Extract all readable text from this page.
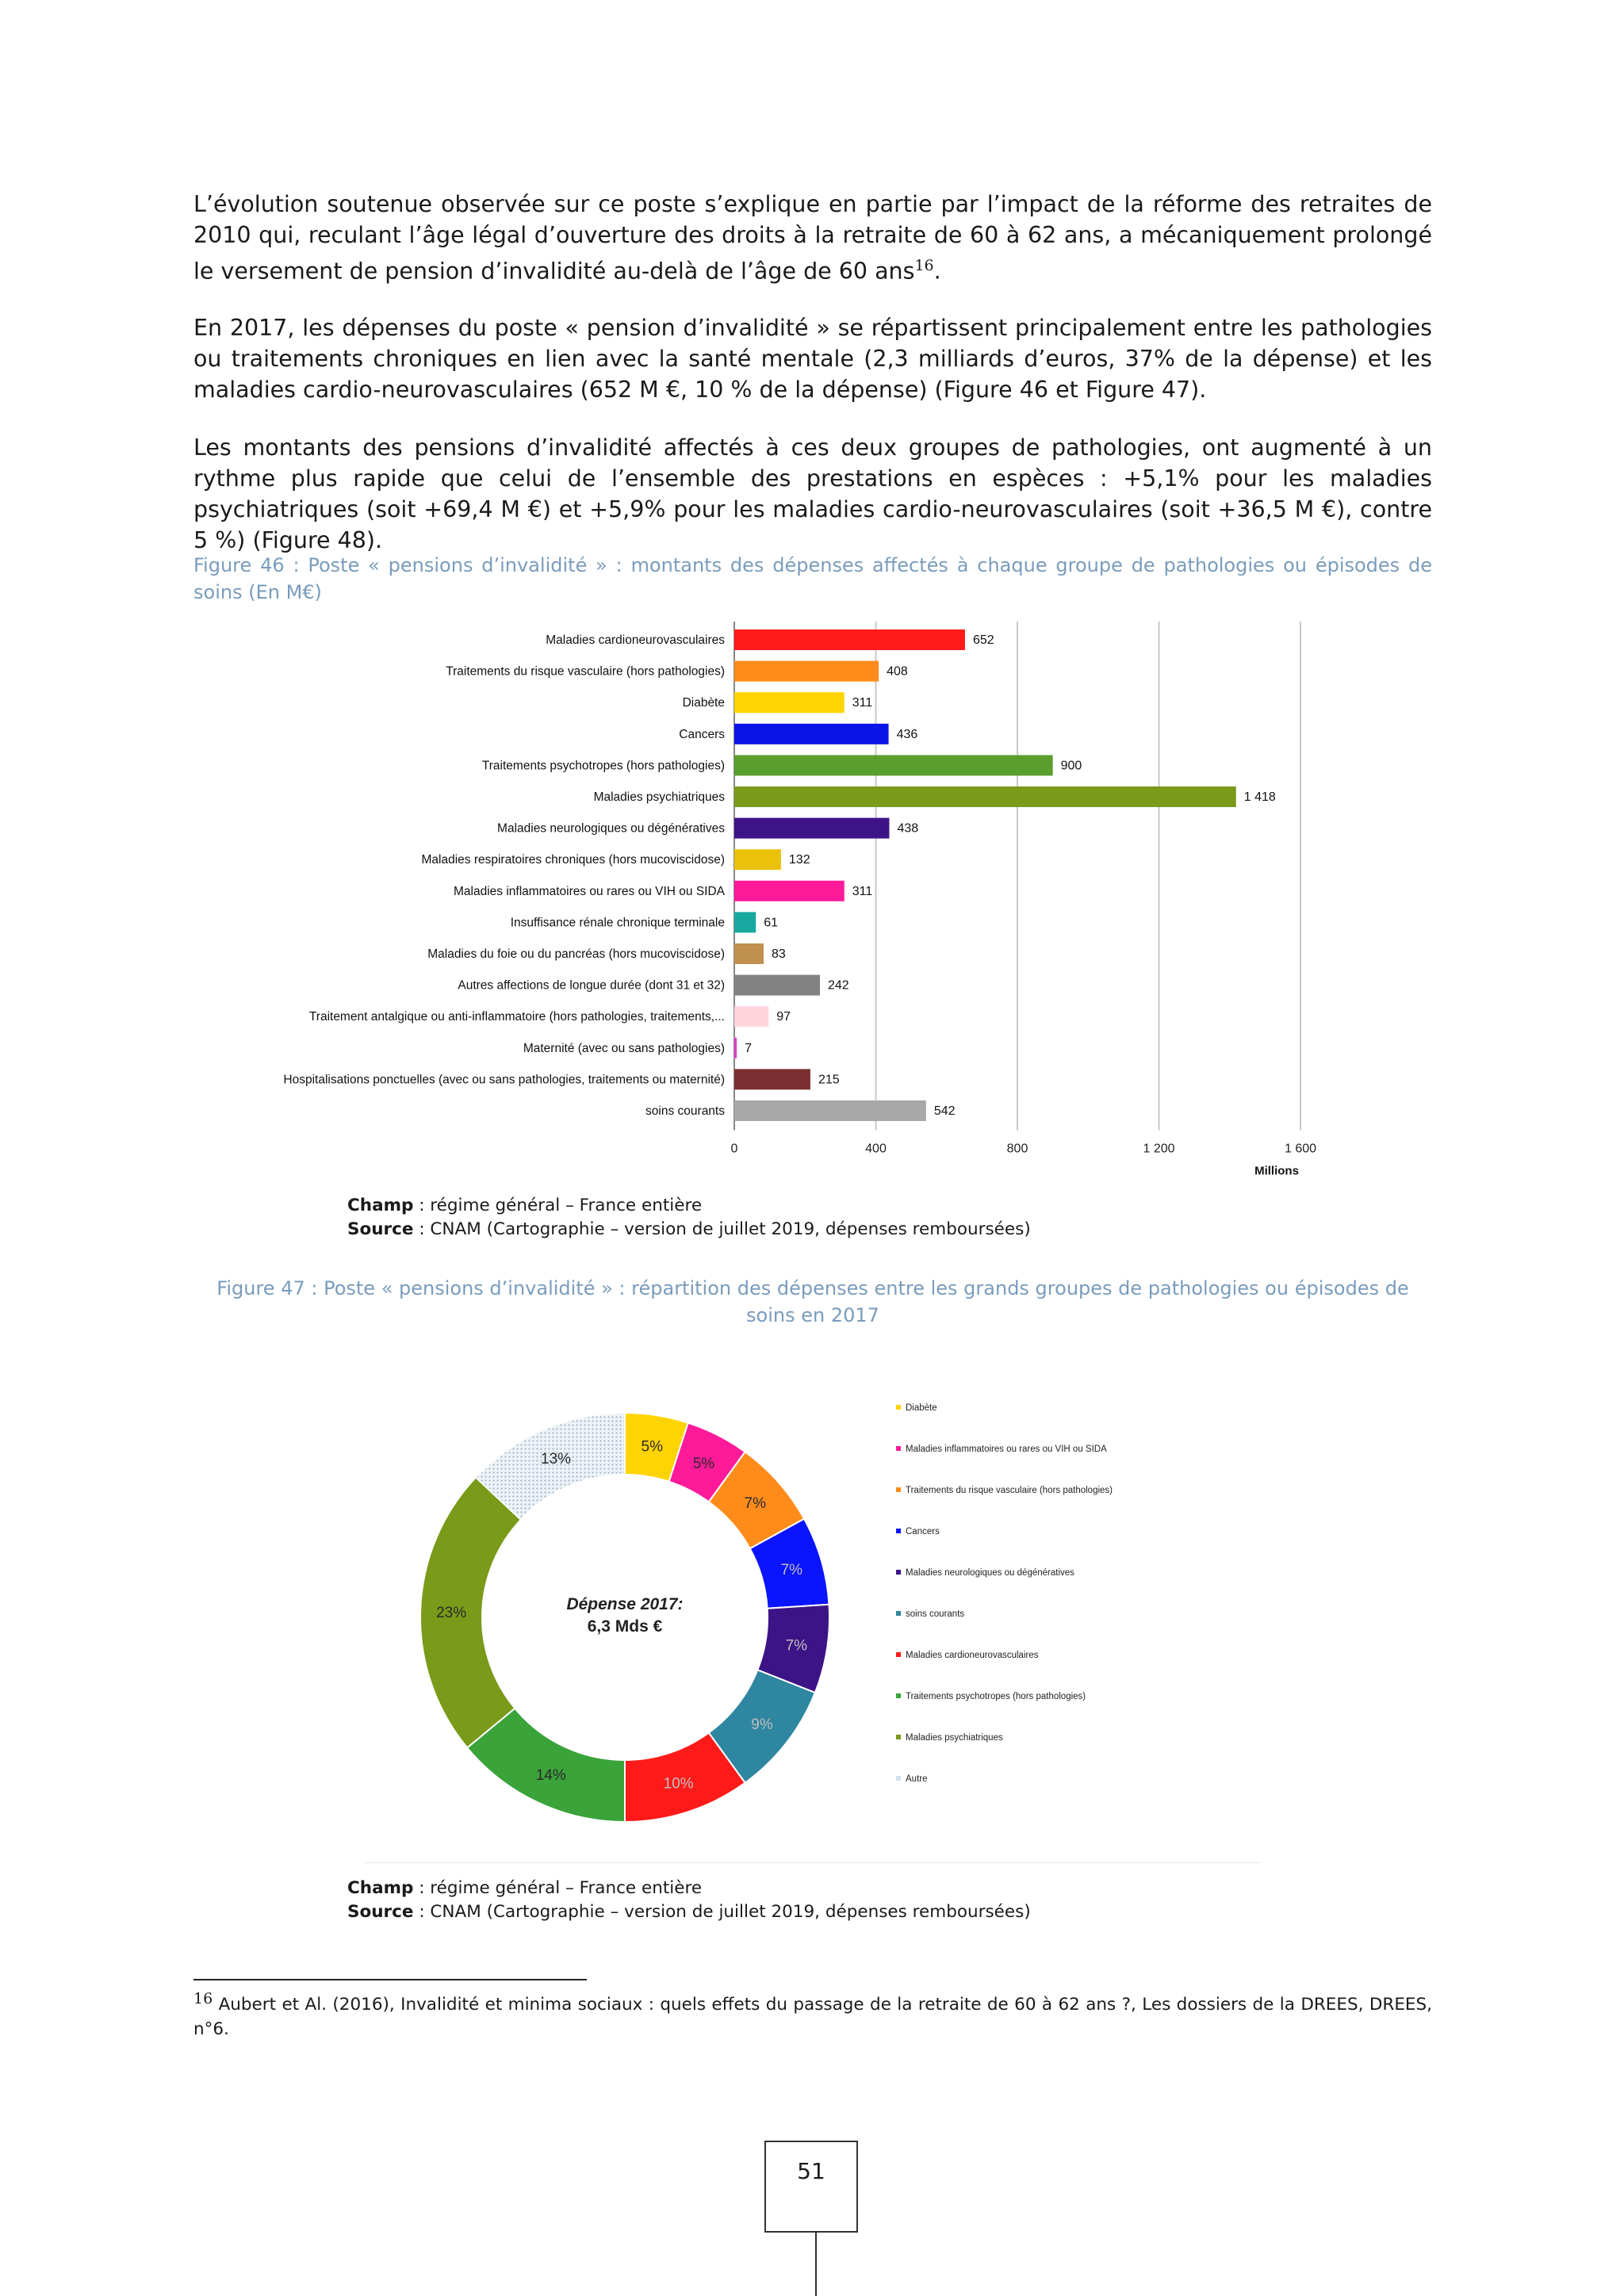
L’évolution soutenue observée sur ce poste s’explique en partie par l’impact de la réforme des retraites de 2010 qui, reculant l’âge légal d’ouverture des droits à la retraite de 60 à 62 ans, a mécaniquement prolongé le versement de pension d’invalidité au-delà de l’âge de 60 ans$^{16}$.

En 2017, les dépenses du poste « pension d’invalidité » se répartissent principalement entre les pathologies ou traitements chroniques en lien avec la santé mentale (2,3 milliards d’euros, 37% de la dépense) et les maladies cardio-neurovasculaires (652 M €, 10 % de la dépense) (Figure 46 et Figure 47).

Les montants des pensions d’invalidité affectés à ces deux groupes de pathologies, ont augmenté à un rythme plus rapide que celui de l’ensemble des prestations en espèces : +5,1% pour les maladies psychiatriques (soit +69,4 M €) et +5,9% pour les maladies cardio-neurovasculaires (soit +36,5 M €), contre 5 %) (Figure 48).

Figure 46 : Poste « pensions d’invalidité » : montants des dépenses affectés à chaque groupe de pathologies ou épisodes de soins (En M€)

0	400	800	1 200	1 600
Maladies cardioneurovasculaires	652
Traitements du risque vasculaire (hors pathologies)	408
Diabète	311
Cancers	436
Traitements psychotropes (hors pathologies)	900
Maladies psychiatriques	1 418
Maladies neurologiques ou dégénératives	438
Maladies respiratoires chroniques (hors mucoviscidose)	132
Maladies inflammatoires ou rares ou VIH ou SIDA	311
Insuffisance rénale chronique terminale	61
Maladies du foie ou du pancréas (hors mucoviscidose)	83
Autres affections de longue durée (dont 31 et 32)	242
Traitement antalgique ou anti-inflammatoire (hors pathologies, traitements,...	97
Maternité (avec ou sans pathologies) 7
Hospitalisations ponctuelles (avec ou sans pathologies, traitements ou maternité)	215
soins courants	542
Millions

Champ : régime général – France entière

Source : CNAM (Cartographie – version de juillet 2019, dépenses remboursées)

Figure 47 : Poste « pensions d’invalidité » : répartition des dépenses entre les grands groupes de pathologies ou épisodes de soins en 2017

5%
5%
7%
7%
7%
9%
10%
14%
23%
13%
Dépense 2017:
6,3 Mds €
Diabète
Maladies inflammatoires ou rares ou VIH ou SIDA
Traitements du risque vasculaire (hors pathologies)
Cancers
Maladies neurologiques ou dégénératives
soins courants
Maladies cardioneurovasculaires
Traitements psychotropes (hors pathologies)
Maladies psychiatriques
Autre

Champ : régime général – France entière

Source : CNAM (Cartographie – version de juillet 2019, dépenses remboursées)

$^{16}$ Aubert et Al. (2016), Invalidité et minima sociaux : quels effets du passage de la retraite de 60 à 62 ans ?, Les dossiers de la DREES, DREES, n°6.

51
